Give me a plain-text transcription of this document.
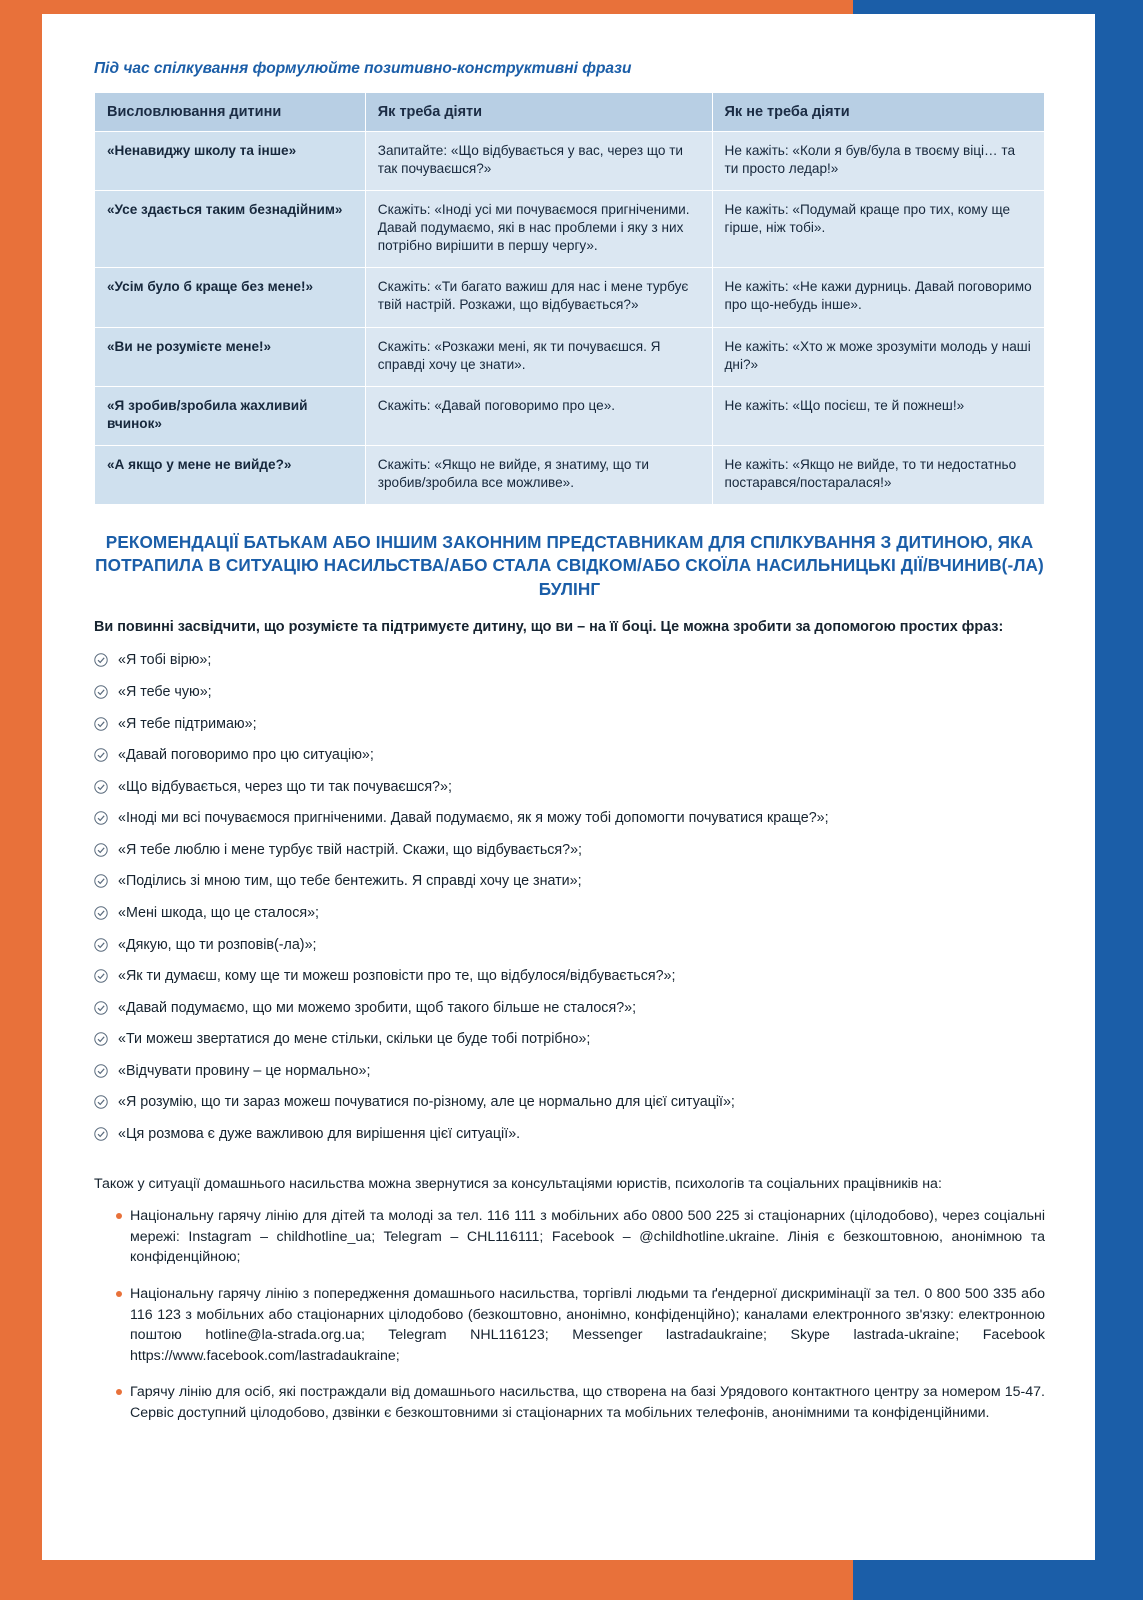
Під час спілкування формулюйте позитивно-конструктивні фрази

Висловлювання дитини	Як треба діяти	Як не треба діяти
«Ненавиджу школу та інше»	Запитайте: «Що відбувається у вас, через що ти так почуваєшся?»	Не кажіть: «Коли я був/була в твоєму віці… та ти просто ледар!»
«Усе здається таким безнадійним»	Скажіть: «Іноді усі ми почуваємося пригніченими. Давай подумаємо, які в нас проблеми і яку з них потрібно вирішити в першу чергу».	Не кажіть: «Подумай краще про тих, кому ще гірше, ніж тобі».
«Усім було б краще без мене!»	Скажіть: «Ти багато важиш для нас і мене турбує твій настрій. Розкажи, що відбувається?»	Не кажіть: «Не кажи дурниць. Давай поговоримо про що-небудь інше».
«Ви не розумієте мене!»	Скажіть: «Розкажи мені, як ти почуваєшся. Я справді хочу це знати».	Не кажіть: «Хто ж може зрозуміти молодь у наші дні?»
«Я зробив/зробила жахливий вчинок»	Скажіть: «Давай поговоримо про це».	Не кажіть: «Що посієш, те й пожнеш!»
«А якщо у мене не вийде?»	Скажіть: «Якщо не вийде, я знатиму, що ти зробив/зробила все можливе».	Не кажіть: «Якщо не вийде, то ти недостатньо постарався/постаралася!»
РЕКОМЕНДАЦІЇ БАТЬКАМ АБО ІНШИМ ЗАКОННИМ ПРЕДСТАВНИКАМ ДЛЯ СПІЛКУВАННЯ З ДИТИНОЮ, ЯКА ПОТРАПИЛА В СИТУАЦІЮ НАСИЛЬСТВА/АБО СТАЛА СВІДКОМ/АБО СКОЇЛА НАСИЛЬНИЦЬКІ ДІЇ/ВЧИНИВ(-ЛА) БУЛІНГ

Ви повинні засвідчити, що розумієте та підтримуєте дитину, що ви – на її боці. Це можна зробити за допомогою простих фраз:

«Я тобі вірю»;
«Я тебе чую»;
«Я тебе підтримаю»;
«Давай поговоримо про цю ситуацію»;
«Що відбувається, через що ти так почуваєшся?»;
«Іноді ми всі почуваємося пригніченими. Давай подумаємо, як я можу тобі допомогти почуватися краще?»;
«Я тебе люблю і мене турбує твій настрій. Скажи, що відбувається?»;
«Поділись зі мною тим, що тебе бентежить. Я справді хочу це знати»;
«Мені шкода, що це сталося»;
«Дякую, що ти розповів(-ла)»;
«Як ти думаєш, кому ще ти можеш розповісти про те, що відбулося/відбувається?»;
«Давай подумаємо, що ми можемо зробити, щоб такого більше не сталося?»;
«Ти можеш звертатися до мене стільки, скільки це буде тобі потрібно»;
«Відчувати провину – це нормально»;
«Я розумію, що ти зараз можеш почуватися по-різному, але це нормально для цієї ситуації»;
«Ця розмова є дуже важливою для вирішення цієї ситуації».

Також у ситуації домашнього насильства можна звернутися за консультаціями юристів, психологів та соціальних працівників на:

Національну гарячу лінію для дітей та молоді за тел. 116 111 з мобільних або 0800 500 225 зі стаціонарних (цілодобово), через соціальні мережі: Instagram – childhotline_ua; Telegram – CHL116111; Facebook – @childhotline.ukraine. Лінія є безкоштовною, анонімною та конфіденційною;
Національну гарячу лінію з попередження домашнього насильства, торгівлі людьми та ґендерної дискримінації за тел. 0 800 500 335 або 116 123 з мобільних або стаціонарних цілодобово (безкоштовно, анонімно, конфіденційно); каналами електронного зв'язку: електронною поштою hotline@la-strada.org.ua; Telegram NHL116123; Messenger lastradaukraine; Skype lastrada-ukraine; Facebook https://www.facebook.com/lastradaukraine;
Гарячу лінію для осіб, які постраждали від домашнього насильства, що створена на базі Урядового контактного центру за номером 15-47. Сервіс доступний цілодобово, дзвінки є безкоштовними зі стаціонарних та мобільних телефонів, анонімними та конфіденційними.
